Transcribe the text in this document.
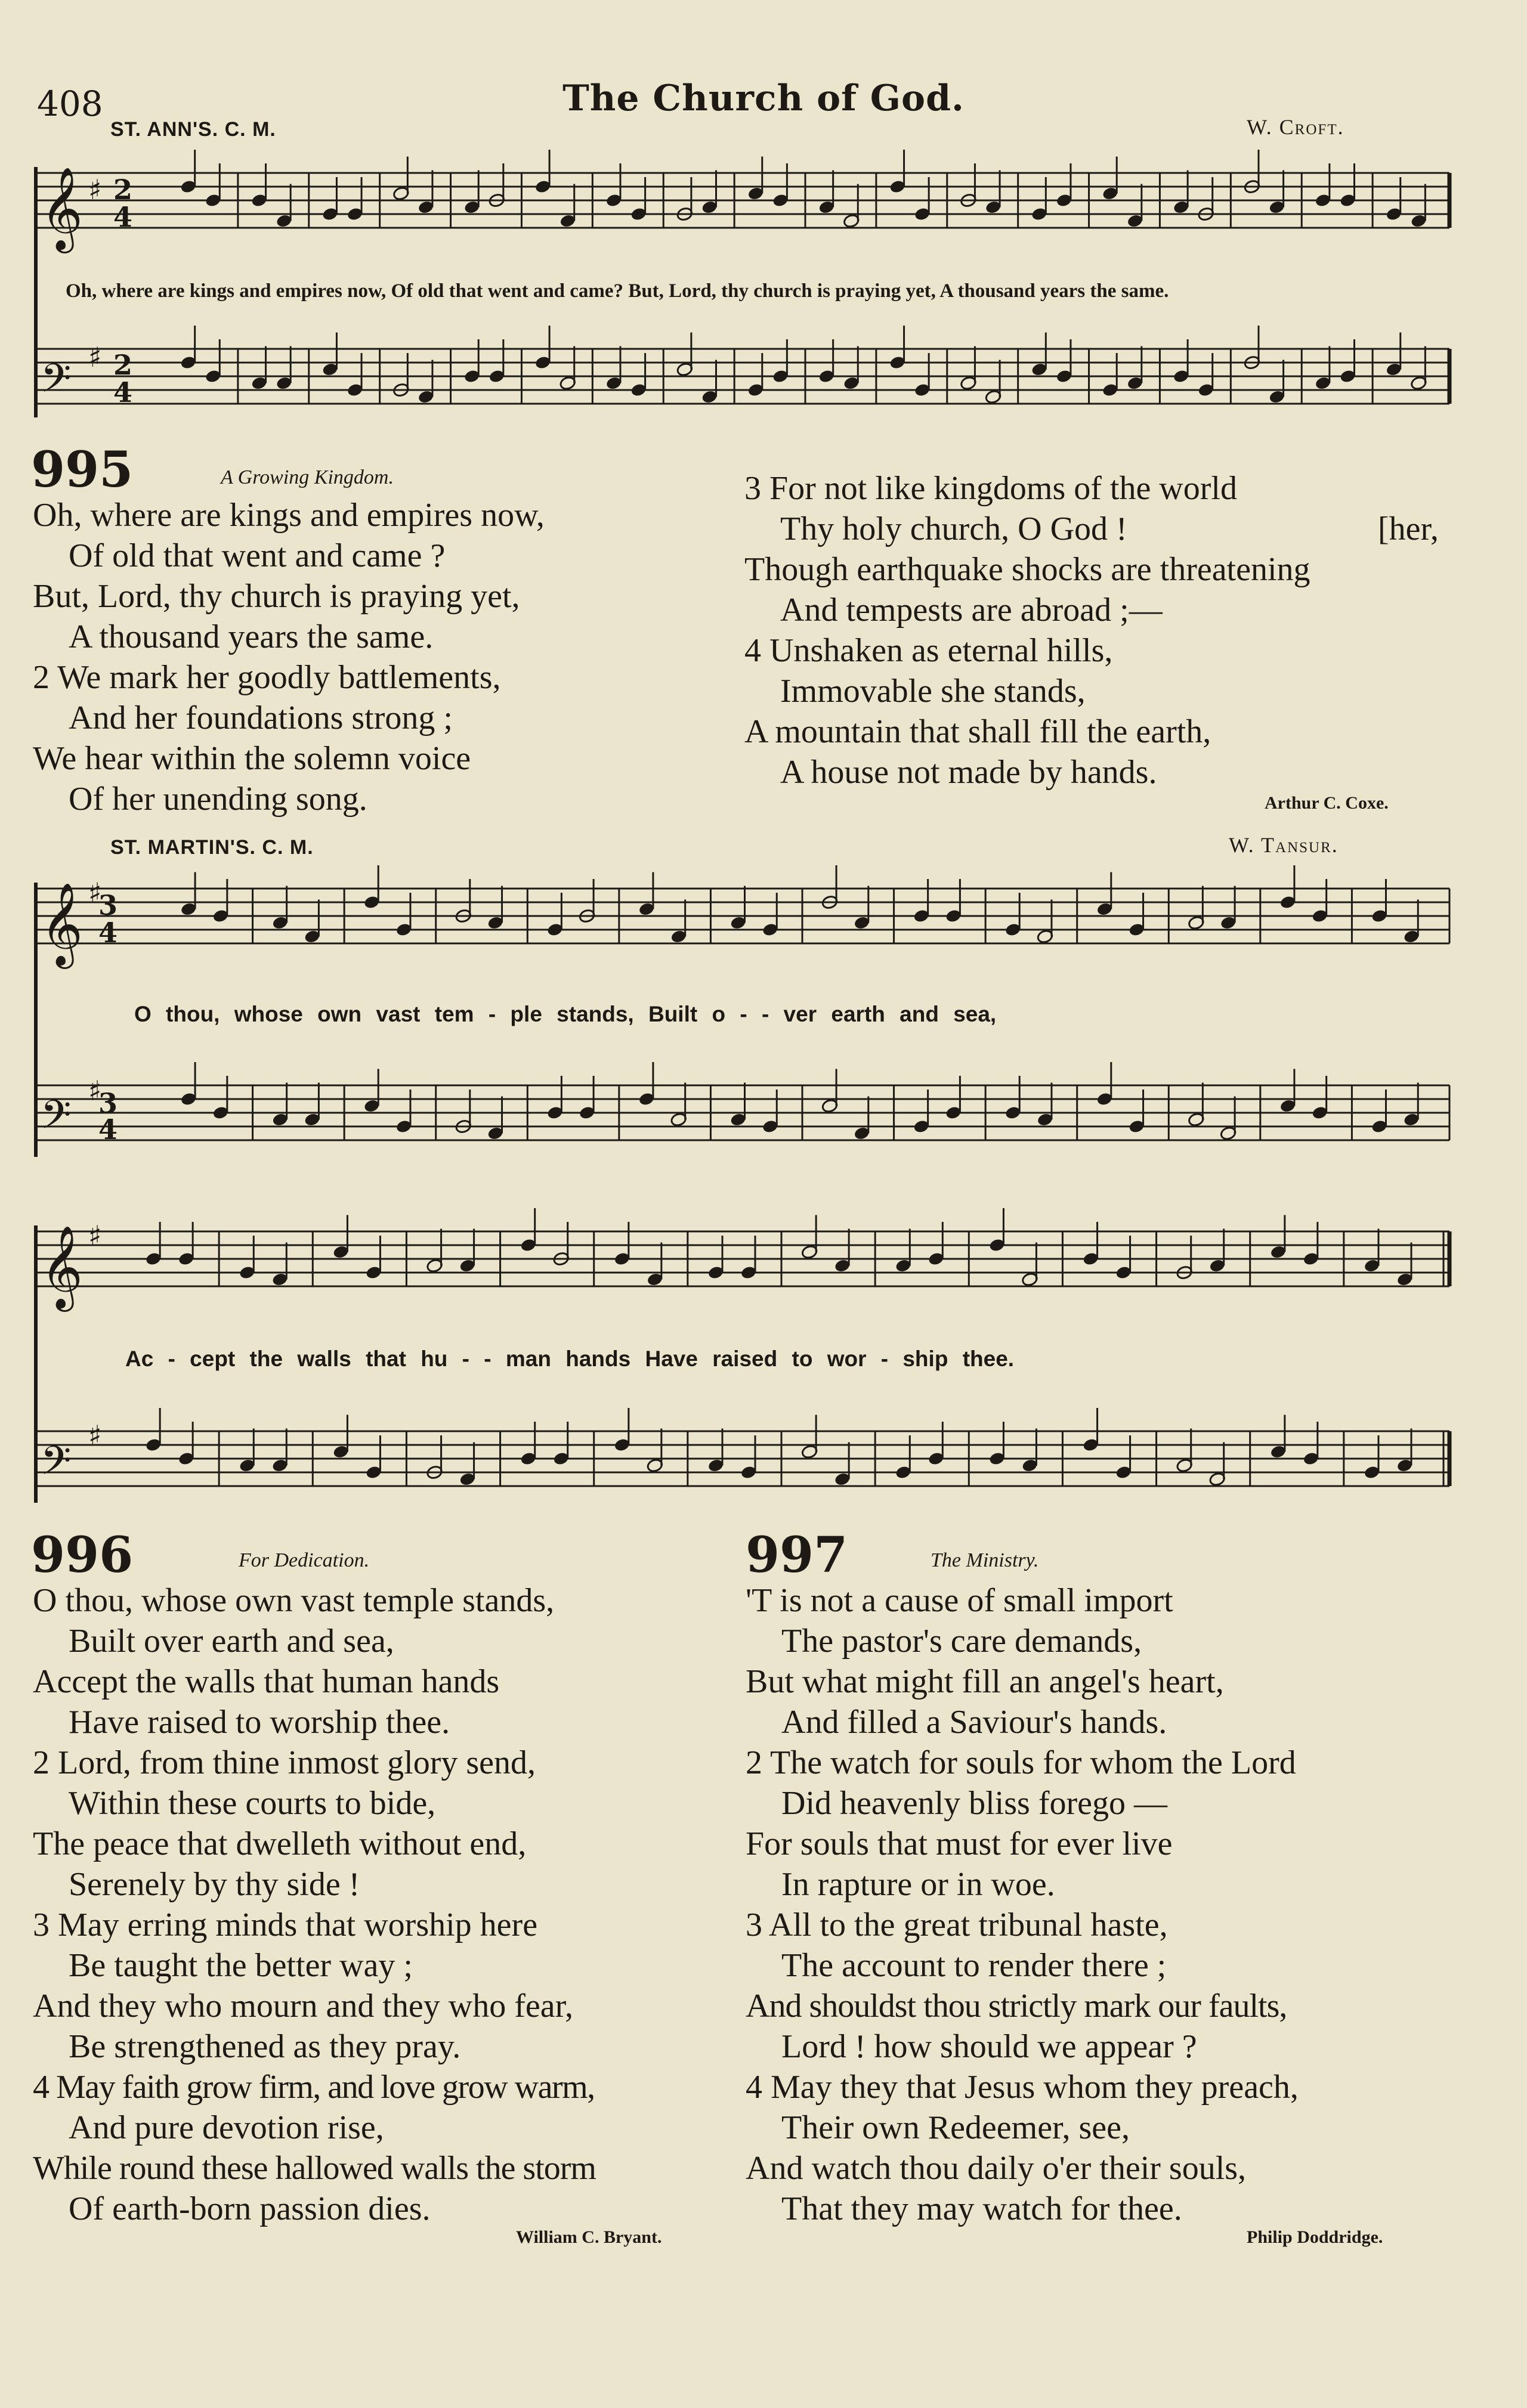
408	The Church of God.
ST. ANN'S. C. M.	W. Croft.
𝄞
𝄢
𝄞
𝄢
𝄞
𝄢
♯ 2
4
♯ 2
4
♯
3
4
♯
3
4
♯
♯
Oh, where are kings and empires now, Of old that went and came? But, Lord, thy church is praying yet, A thousand years the same.
995	A Growing Kingdom.
Oh, where are kings and empires now,
Of old that went and came ?
But, Lord, thy church is praying yet,
A thousand years the same.
2 We mark her goodly battlements,
And her foundations strong ;
We hear within the solemn voice
Of her unending song.
3 For not like kingdoms of the world
Thy holy church, O God !
Though earthquake shocks are threatening
And tempests are abroad ;—
4 Unshaken as eternal hills,
Immovable she stands,
A mountain that shall fill the earth,
A house not made by hands.
[her,
Arthur C. Coxe.
ST. MARTIN'S. C. M.	W. Tansur.
O thou, whose own vast tem - ple stands, Built o - - ver earth and sea,
Ac - cept the walls that hu - - man hands Have raised to wor - ship thee.
996	For Dedication.
O thou, whose own vast temple stands,
Built over earth and sea,
Accept the walls that human hands
Have raised to worship thee.
2 Lord, from thine inmost glory send,
Within these courts to bide,
The peace that dwelleth without end,
Serenely by thy side !
3 May erring minds that worship here
Be taught the better way ;
And they who mourn and they who fear,
Be strengthened as they pray.
4 May faith grow firm, and love grow warm,
And pure devotion rise,
While round these hallowed walls the storm
Of earth-born passion dies.
William C. Bryant.
997	The Ministry.
'T is not a cause of small import
The pastor's care demands,
But what might fill an angel's heart,
And filled a Saviour's hands.
2 The watch for souls for whom the Lord
Did heavenly bliss forego —
For souls that must for ever live
In rapture or in woe.
3 All to the great tribunal haste,
The account to render there ;
And shouldst thou strictly mark our faults,
Lord ! how should we appear ?
4 May they that Jesus whom they preach,
Their own Redeemer, see,
And watch thou daily o'er their souls,
That they may watch for thee.
Philip Doddridge.
